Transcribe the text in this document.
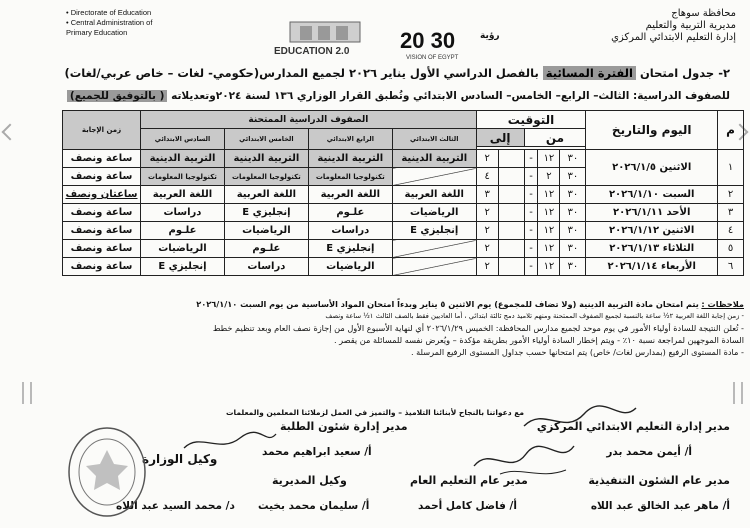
• Directorate of Education
• Central Administration of
Primary Education
EDUCATION 2.0 20 30	رؤية
VISION OF EGYPT
محافظة سوهاج
مديرية التربية والتعليم
إدارة التعليم الابتدائي المركزي
٢- جدول امتحان الفترة المسائية بالفصل الدراسي الأول يناير ٢٠٢٦ لجميع المدارس(حكومي- لغات – خاص عربي/لغات)
للصفوف الدراسية: الثالث– الرابع– الخامس– السادس الابتدائي وتُطبق القرار الوزاري ١٣٦ لسنة ٢٠٢٤وتعديلاته ( بالتوفيق للجميع)
م	اليوم والتاريخ	التوقيت					الصفوف الدراسية الممتحنة				زمن الإجابة
		من			إلى		الثالث الابتدائي	الرابع الابتدائي	الخامس الابتدائي	السادس الابتدائي	

١	الاثنين ٢٠٢٦/١/٥	٣٠	١٢	-		٢	التربية الدينية	التربية الدينية	التربية الدينية	التربية الدينية	ساعة ونصف
		٣٠	٢	-		٤		تكنولوجيا المعلومات	تكنولوجيا المعلومات	تكنولوجيا المعلومات	ساعة ونصف
٢	السبت ٢٠٢٦/١/١٠	٣٠	١٢	-		٣	اللغة العربية	اللغة العربية	اللغة العربية	اللغة العربية	ساعتان ونصف
٣	الأحد ٢٠٢٦/١/١١	٣٠	١٢	-		٢	الرياضيات	علـوم	إنجليزي E	دراسات	ساعة ونصف
٤	الاثنين ٢٠٢٦/١/١٢	٣٠	١٢	-		٢	إنجليزي E	دراسات	الرياضيات	علـوم	ساعة ونصف
٥	الثلاثاء ٢٠٢٦/١/١٣	٣٠	١٢	-		٢		إنجليزي E	علـوم	الرياضيات	ساعة ونصف
٦	الأربعاء ٢٠٢٦/١/١٤	٣٠	١٢	-		٢		الرياضيات	دراسات	إنجليزي E	ساعة ونصف
ملاحظات : يتم امتحان مادة التربية الدينية (ولا تضاف للمجموع) يوم الاثنين ٥ يناير وبدءاً امتحان المواد الأساسية من يوم السبت ٢٠٢٦/١/١٠
- زمن إجابة اللغة العربية ٢½ ساعة بالنسبة لجميع الصفوف الممتحنة ومنهم تلاميذ دمج ثالثة ابتدائي ، أما العاديين فقط بالصف الثالث ١½ ساعة ونصف
- تُعلن النتيجة للسادة أولياء الأمور في يوم موحد لجميع مدارس المحافظة: الخميس ٢٠٢٦/١/٢٩ أي لنهاية الأسبوع الأول من إجازة نصف العام وبعد تنظيم خطط
السادة الموجهين لمراجعة نسبة ١٠٪ - ويتم إخطار السادة أولياء الأمور بطريقة مؤكدة – ويُعرض نفسه للمسائلة من يقصر .
- مادة المستوى الرفيع (بمدارس لغات/ خاص) يتم امتحانها حسب جداول المستوى الرفيع المرسلة .
مع دعواتنا بالنجاح لأبنائنا التلاميذ – والتميز في العمل لزملائنا المعلمين والمعلمات
مدير إدارة التعليم الابتدائي المركزي
أ/ أيمن محمد بدر
مدير إدارة شئون الطلبة
أ/ سعيد ابراهيم محمد
مدير عام الشئون التنفيذية
أ/ ماهر عبد الخالق عبد اللاه
مدير عام التعليم العام
أ/ فاضل كامل أحمد
وكيل المديرية
أ/ سليمان محمد بخيت
وكيل الوزارة
د/ محمد السيد عبد اللاه
